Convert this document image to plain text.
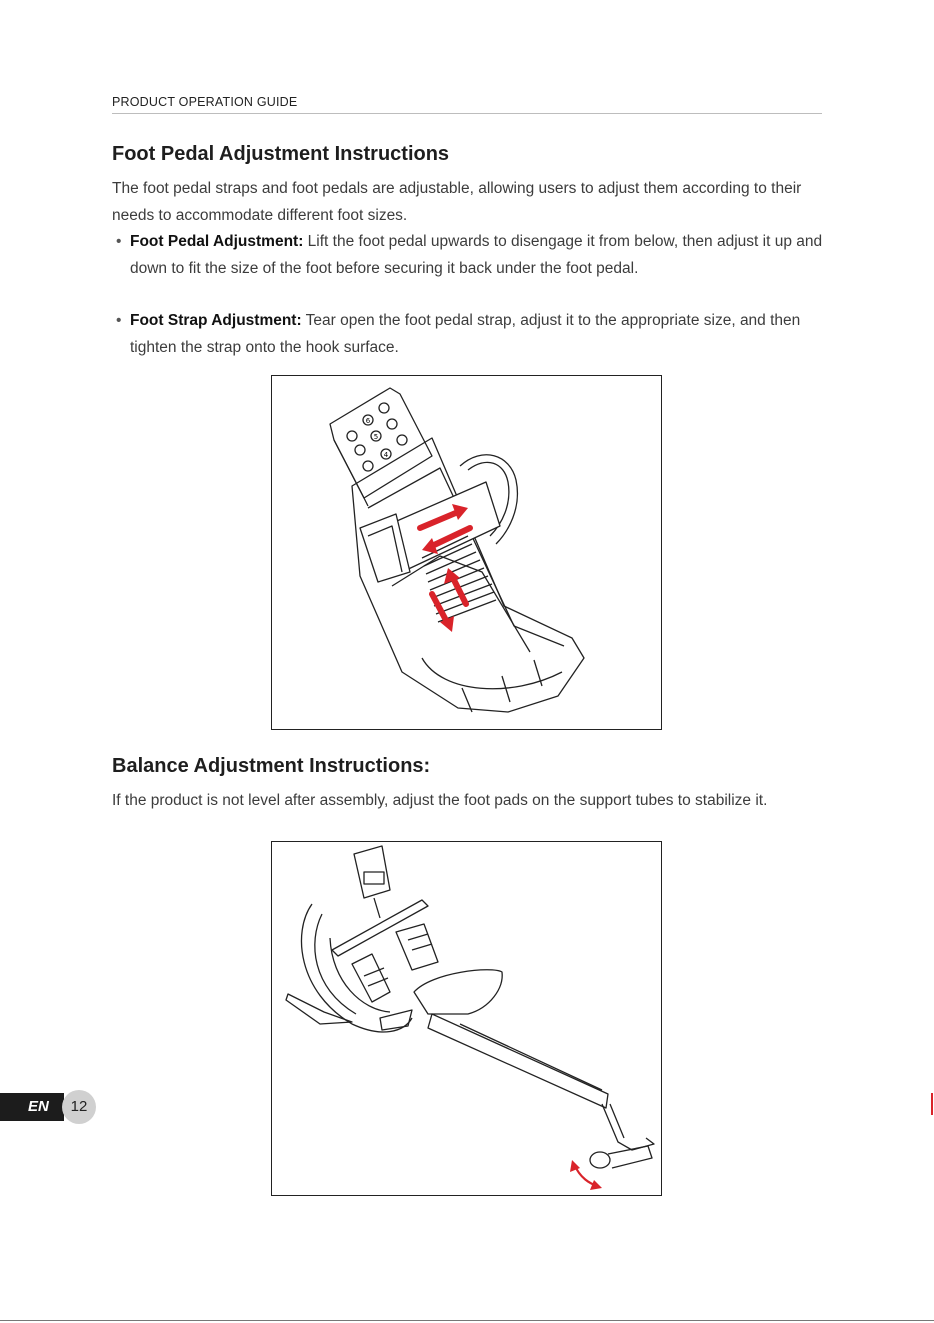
PRODUCT OPERATION GUIDE
Foot Pedal Adjustment Instructions

The foot pedal straps and foot pedals are adjustable, allowing users to adjust them according to their needs to accommodate different foot sizes.

• Foot Pedal Adjustment: Lift the foot pedal upwards to disengage it from below, then adjust it up and down to fit the size of the foot before securing it back under the foot pedal.

• Foot Strap Adjustment: Tear open the foot pedal strap, adjust it to the appropriate size, and then tighten the strap onto the hook surface.

6
5
4
Balance Adjustment Instructions:

If the product is not level after assembly, adjust the foot pads on the support tubes to stabilize it.

EN	12
